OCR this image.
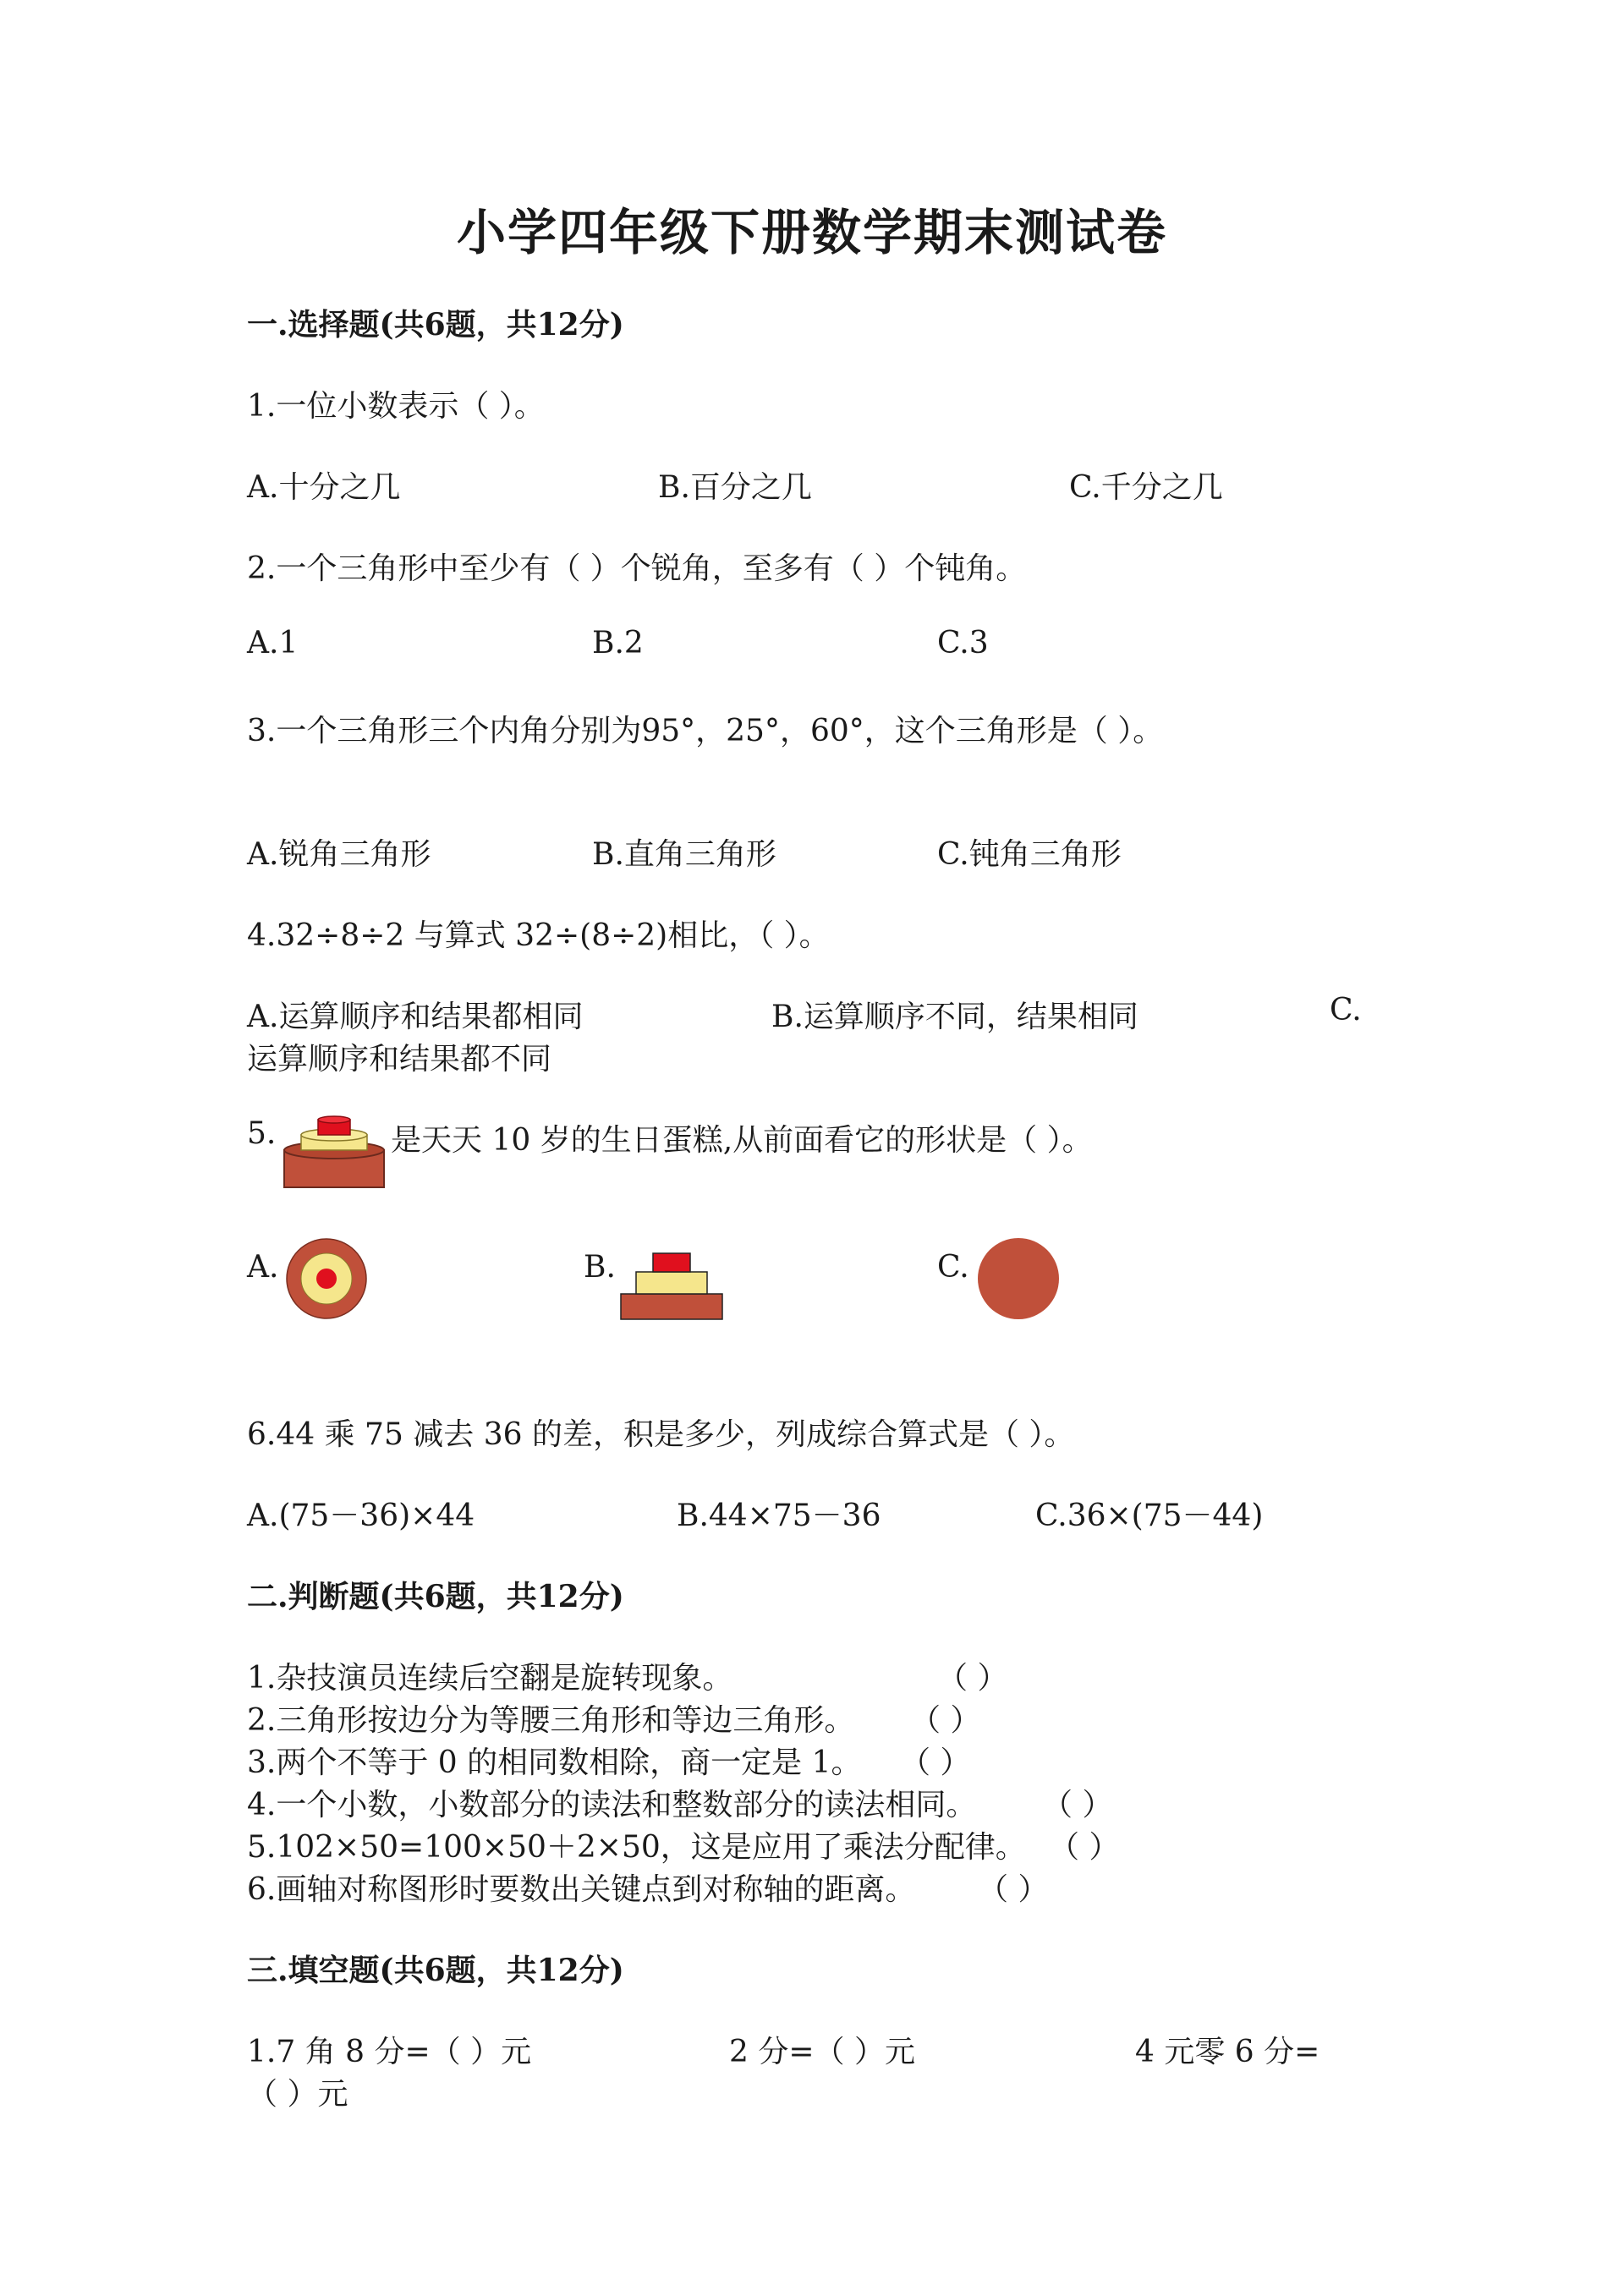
小学四年级下册数学期末测试卷
一.选择题(共6题，共12分)
1.一位小数表示（ ）。
A.十分之几	B.百分之几	C.千分之几
2.一个三角形中至少有（ ）个锐角，至多有（ ）个钝角。
A.1	B.2	C.3
3.一个三角形三个内角分别为95°，25°，60°，这个三角形是（ ）。
A.锐角三角形	B.直角三角形	C.钝角三角形
4.32÷8÷2 与算式 32÷(8÷2)相比，（ ）。
A.运算顺序和结果都相同	B.运算顺序不同，结果相同	C.
运算顺序和结果都不同
5.	是天天 10 岁的生日蛋糕,从前面看它的形状是（ ）。
A.	B.	C.
6.44 乘 75 减去 36 的差，积是多少，列成综合算式是（ ）。
A.(75－36)×44	B.44×75－36	C.36×(75－44)
二.判断题(共6题，共12分)
1.杂技演员连续后空翻是旋转现象。	（ ）
2.三角形按边分为等腰三角形和等边三角形。 （ ）
3.两个不等于 0 的相同数相除，商一定是 1。 （ ）
4.一个小数，小数部分的读法和整数部分的读法相同。 （ ）
5.102×50=100×50＋2×50，这是应用了乘法分配律。 （ ）
6.画轴对称图形时要数出关键点到对称轴的距离。 （ ）
三.填空题(共6题，共12分)
1.7 角 8 分=（ ）元	2 分=（ ）元	4 元零 6 分=
（ ）元
